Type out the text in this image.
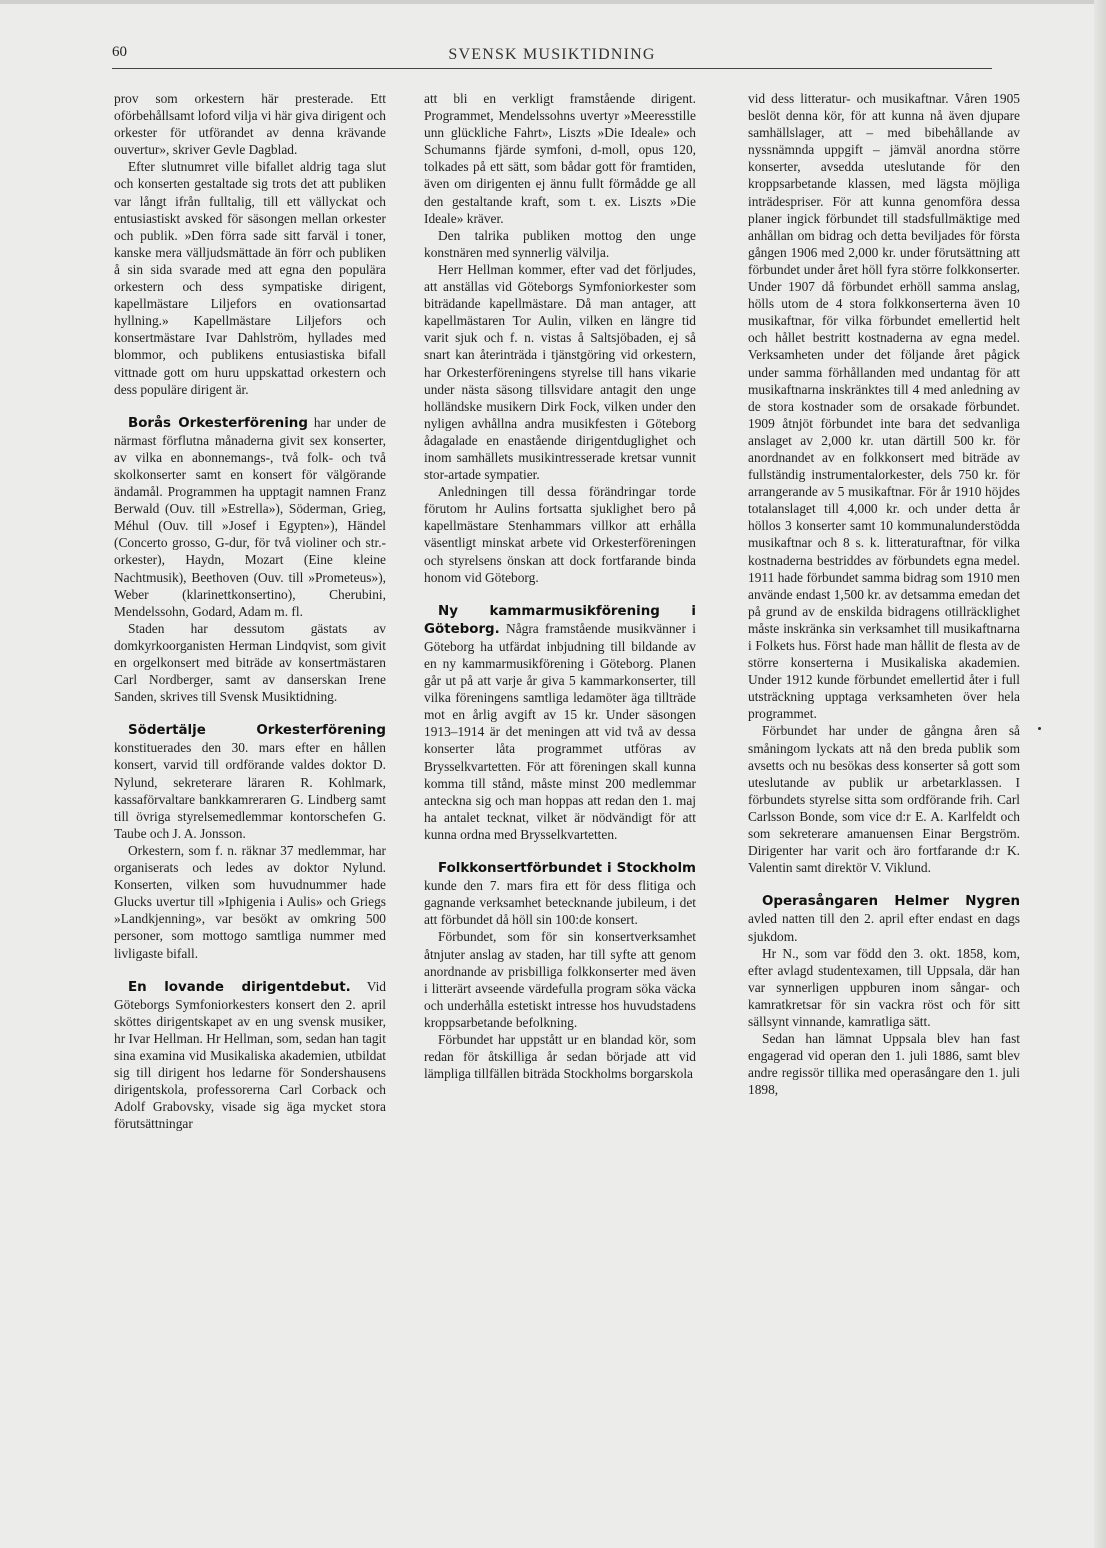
60	SVENSK MUSIKTIDNING

prov som orkestern här presterade. Ett oförbehållsamt loford vilja vi här giva dirigent och orkester för utförandet av denna krävande ouvertur», skriver Gevle Dagblad.

Efter slutnumret ville bifallet aldrig taga slut och konserten gestaltade sig trots det att publiken var långt ifrån fulltalig, till ett vällyckat och entusiastiskt avsked för säsongen mellan orkester och publik. »Den förra sade sitt farväl i toner, kanske mera välljudsmättade än förr och publiken å sin sida svarade med att egna den populära orkestern och dess sympatiske dirigent, kapellmästare Liljefors en ovationsartad hyllning.» Kapellmästare Liljefors och konsertmästare Ivar Dahlström, hyllades med blommor, och publikens entusiastiska bifall vittnade gott om huru uppskattad orkestern och dess populäre dirigent är.

Borås Orkesterförening har under de närmast förflutna månaderna givit sex konserter, av vilka en abonnemangs-, två folk- och två skolkonserter samt en konsert för välgörande ändamål. Programmen ha upptagit namnen Franz Berwald (Ouv. till »Estrella»), Söderman, Grieg, Méhul (Ouv. till »Josef i Egypten»), Händel (Concerto grosso, G-dur, för två violiner och str.-orkester), Haydn, Mozart (Eine kleine Nachtmusik), Beethoven (Ouv. till »Prometeus»), Weber (klarinettkonsertino), Cherubini, Mendelssohn, Godard, Adam m. fl.

Staden har dessutom gästats av domkyrkoorganisten Herman Lindqvist, som givit en orgelkonsert med biträde av konsertmästaren Carl Nordberger, samt av danserskan Irene Sanden, skrives till Svensk Musiktidning.

Södertälje Orkesterförening konstituerades den 30. mars efter en hållen konsert, varvid till ordförande valdes doktor D. Nylund, sekreterare läraren R. Kohlmark, kassaförvaltare bankkamreraren G. Lindberg samt till övriga styrelsemedlemmar kontorschefen G. Taube och J. A. Jonsson.

Orkestern, som f. n. räknar 37 medlemmar, har organiserats och ledes av doktor Nylund. Konserten, vilken som huvudnummer hade Glucks uvertur till »Iphigenia i Aulis» och Griegs »Landkjenning», var besökt av omkring 500 personer, som mottogo samtliga nummer med livligaste bifall.

En lovande dirigentdebut. Vid Göteborgs Symfoniorkesters konsert den 2. april sköttes dirigentskapet av en ung svensk musiker, hr Ivar Hellman. Hr Hellman, som, sedan han tagit sina examina vid Musikaliska akademien, utbildat sig till dirigent hos ledarne för Sondershausens dirigentskola, professorerna Carl Corback och Adolf Grabovsky, visade sig äga mycket stora förutsättningar

att bli en verkligt framstående dirigent. Programmet, Mendelssohns uvertyr »Meeresstille unn glückliche Fahrt», Liszts »Die Ideale» och Schumanns fjärde symfoni, d-moll, opus 120, tolkades på ett sätt, som bådar gott för framtiden, även om dirigenten ej ännu fullt förmådde ge all den gestaltande kraft, som t. ex. Liszts »Die Ideale» kräver.

Den talrika publiken mottog den unge konstnären med synnerlig välvilja.

Herr Hellman kommer, efter vad det förljudes, att anställas vid Göteborgs Symfoniorkester som biträdande kapellmästare. Då man antager, att kapellmästaren Tor Aulin, vilken en längre tid varit sjuk och f. n. vistas å Saltsjöbaden, ej så snart kan återinträda i tjänstgöring vid orkestern, har Orkesterföreningens styrelse till hans vikarie under nästa säsong tillsvidare antagit den unge holländske musikern Dirk Fock, vilken under den nyligen avhållna andra musikfesten i Göteborg ådagalade en enastående dirigentduglighet och inom samhällets musikintresserade kretsar vunnit stor-artade sympatier.

Anledningen till dessa förändringar torde förutom hr Aulins fortsatta sjuklighet bero på kapellmästare Stenhammars villkor att erhålla väsentligt minskat arbete vid Orkesterföreningen och styrelsens önskan att dock fortfarande binda honom vid Göteborg.

Ny kammarmusikförening i Göteborg. Några framstående musikvänner i Göteborg ha utfärdat inbjudning till bildande av en ny kammarmusikförening i Göteborg. Planen går ut på att varje år giva 5 kammarkonserter, till vilka föreningens samtliga ledamöter äga tillträde mot en årlig avgift av 15 kr. Under säsongen 1913–1914 är det meningen att vid två av dessa konserter låta programmet utföras av Brysselkvartetten. För att föreningen skall kunna komma till stånd, måste minst 200 medlemmar anteckna sig och man hoppas att redan den 1. maj ha antalet tecknat, vilket är nödvändigt för att kunna ordna med Brysselkvartetten.

Folkkonsertförbundet i Stockholm kunde den 7. mars fira ett för dess flitiga och gagnande verksamhet betecknande jubileum, i det att förbundet då höll sin 100:de konsert.

Förbundet, som för sin konsertverksamhet åtnjuter anslag av staden, har till syfte att genom anordnande av prisbilliga folkkonserter med även i litterärt avseende värdefulla program söka väcka och underhålla estetiskt intresse hos huvudstadens kroppsarbetande befolkning.

Förbundet har uppstått ur en blandad kör, som redan för åtskilliga år sedan började att vid lämpliga tillfällen biträda Stockholms borgarskola

vid dess litteratur- och musikaftnar. Våren 1905 beslöt denna kör, för att kunna nå även djupare samhällslager, att – med bibehållande av nyssnämnda uppgift – jämväl anordna större konserter, avsedda uteslutande för den kroppsarbetande klassen, med lägsta möjliga inträdespriser. För att kunna genomföra dessa planer ingick förbundet till stadsfullmäktige med anhållan om bidrag och detta beviljades för första gången 1906 med 2,000 kr. under förutsättning att förbundet under året höll fyra större folkkonserter. Under 1907 då förbundet erhöll samma anslag, hölls utom de 4 stora folkkonserterna även 10 musikaftnar, för vilka förbundet emellertid helt och hållet bestritt kostnaderna av egna medel. Verksamheten under det följande året pågick under samma förhållanden med undantag för att musikaftnarna inskränktes till 4 med anledning av de stora kostnader som de orsakade förbundet. 1909 åtnjöt förbundet inte bara det sedvanliga anslaget av 2,000 kr. utan därtill 500 kr. för anordnandet av en folkkonsert med biträde av fullständig instrumentalorkester, dels 750 kr. för arrangerande av 5 musikaftnar. För år 1910 höjdes totalanslaget till 4,000 kr. och under detta år höllos 3 konserter samt 10 kommunalunderstödda musikaftnar och 8 s. k. litteraturaftnar, för vilka kostnaderna bestriddes av förbundets egna medel. 1911 hade förbundet samma bidrag som 1910 men använde endast 1,500 kr. av detsamma emedan det på grund av de enskilda bidragens otillräcklighet måste inskränka sin verksamhet till musikaftnarna i Folkets hus. Först hade man hållit de flesta av de större konserterna i Musikaliska akademien. Under 1912 kunde förbundet emellertid åter i full utsträckning upptaga verksamheten över hela programmet.

Förbundet har under de gångna åren så småningom lyckats att nå den breda publik som avsetts och nu besökas dess konserter så gott som uteslutande av publik ur arbetarklassen. I förbundets styrelse sitta som ordförande frih. Carl Carlsson Bonde, som vice d:r E. A. Karlfeldt och som sekreterare amanuensen Einar Bergström. Dirigenter har varit och äro fortfarande d:r K. Valentin samt direktör V. Viklund.

Operasångaren Helmer Nygren avled natten till den 2. april efter endast en dags sjukdom.

Hr N., som var född den 3. okt. 1858, kom, efter avlagd studentexamen, till Uppsala, där han var synnerligen uppburen inom sångar- och kamratkretsar för sin vackra röst och för sitt sällsynt vinnande, kamratliga sätt.

Sedan han lämnat Uppsala blev han fast engagerad vid operan den 1. juli 1886, samt blev andre regissör tillika med operasångare den 1. juli 1898,
